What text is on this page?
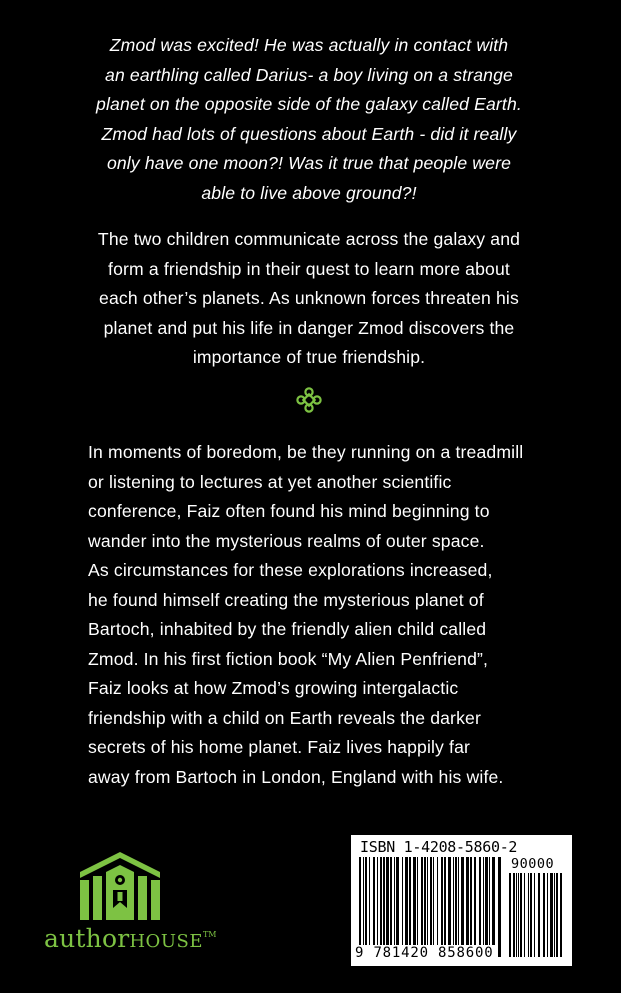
Zmod was excited! He was actually in contact with

an earthling called Darius- a boy living on a strange

planet on the opposite side of the galaxy called Earth.

Zmod had lots of questions about Earth - did it really

only have one moon?! Was it true that people were

able to live above ground?!

The two children communicate across the galaxy and

form a friendship in their quest to learn more about

each other’s planets. As unknown forces threaten his

planet and put his life in danger Zmod discovers the

importance of true friendship.

In moments of boredom, be they running on a treadmill

or listening to lectures at yet another scientific

conference, Faiz often found his mind beginning to

wander into the mysterious realms of outer space.

As circumstances for these explorations increased,

he found himself creating the mysterious planet of

Bartoch, inhabited by the friendly alien child called

Zmod. In his first fiction book “My Alien Penfriend”,

Faiz looks at how Zmod’s growing intergalactic

friendship with a child on Earth reveals the darker

secrets of his home planet. Faiz lives happily far

away from Bartoch in London, England with his wife.

authorHOUSE™
ISBN 1-4208-5860-2
90000
9 781420 858600
